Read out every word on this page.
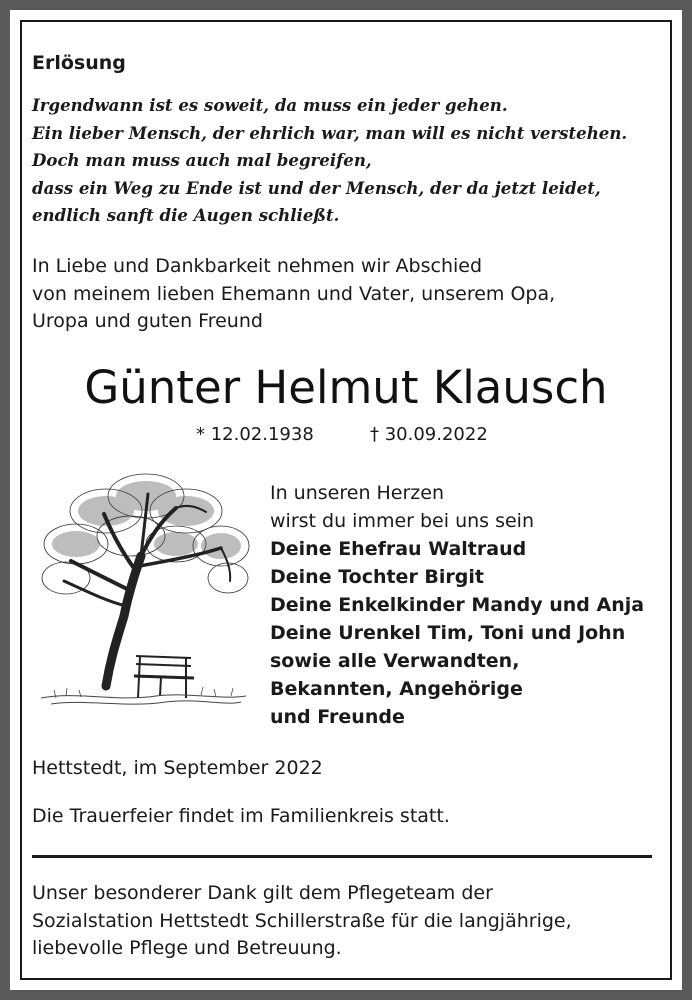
Erlösung

Irgendwann ist es soweit, da muss ein jeder gehen.
Ein lieber Mensch, der ehrlich war, man will es nicht verstehen.
Doch man muss auch mal begreifen,
dass ein Weg zu Ende ist und der Mensch, der da jetzt leidet,
endlich sanft die Augen schließt.
In Liebe und Dankbarkeit nehmen wir Abschied
von meinem lieben Ehemann und Vater, unserem Opa,
Uropa und guten Freund

Günter Helmut Klausch

* 12.02.1938	† 30.09.2022

In unseren Herzen
wirst du immer bei uns sein
Deine Ehefrau Waltraud
Deine Tochter Birgit
Deine Enkelkinder Mandy und Anja
Deine Urenkel Tim, Toni und John
sowie alle Verwandten,
Bekannten, Angehörige
und Freunde

Hettstedt, im September 2022

Die Trauerfeier findet im Familienkreis statt.

Unser besonderer Dank gilt dem Pflegeteam der
Sozialstation Hettstedt Schillerstraße für die langjährige,
liebevolle Pflege und Betreuung.
